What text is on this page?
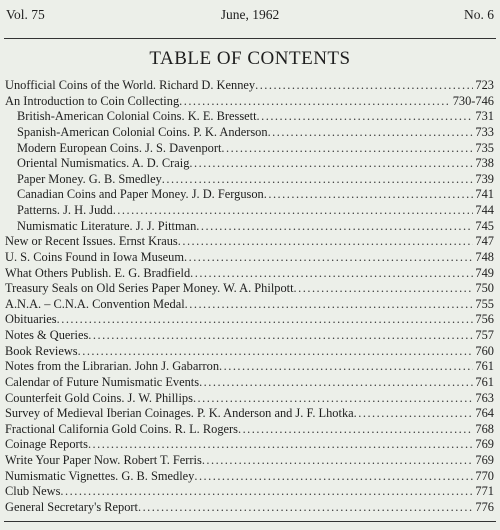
Vol. 75	June, 1962	No. 6
TABLE OF CONTENTS
Unofficial Coins of the World. Richard D. Kenney .....	723
An Introduction to Coin Collecting .....	730-746
British-American Colonial Coins. K. E. Bressett .....	731
Spanish-American Colonial Coins. P. K. Anderson .....	733
Modern European Coins. J. S. Davenport .....	735
Oriental Numismatics. A. D. Craig .....	738
Paper Money. G. B. Smedley .....	739
Canadian Coins and Paper Money. J. D. Ferguson .....	741
Patterns. J. H. Judd .....	744
Numismatic Literature. J. J. Pittman .....	745
New or Recent Issues. Ernst Kraus .....	747
U. S. Coins Found in Iowa Museum .....	748
What Others Publish. E. G. Bradfield .....	749
Treasury Seals on Old Series Paper Money. W. A. Philpott .....	750
A.N.A. – C.N.A. Convention Medal .....	755
Obituaries .....	756
Notes & Queries .....	757
Book Reviews .....	760
Notes from the Librarian. John J. Gabarron .....	761
Calendar of Future Numismatic Events .....	761
Counterfeit Gold Coins. J. W. Phillips .....	763
Survey of Medieval Iberian Coinages. P. K. Anderson and J. F. Lhotka .....	764
Fractional California Gold Coins. R. L. Rogers .....	768
Coinage Reports .....	769
Write Your Paper Now. Robert T. Ferris .....	769
Numismatic Vignettes. G. B. Smedley .....	770
Club News .....	771
General Secretary's Report .....	776
